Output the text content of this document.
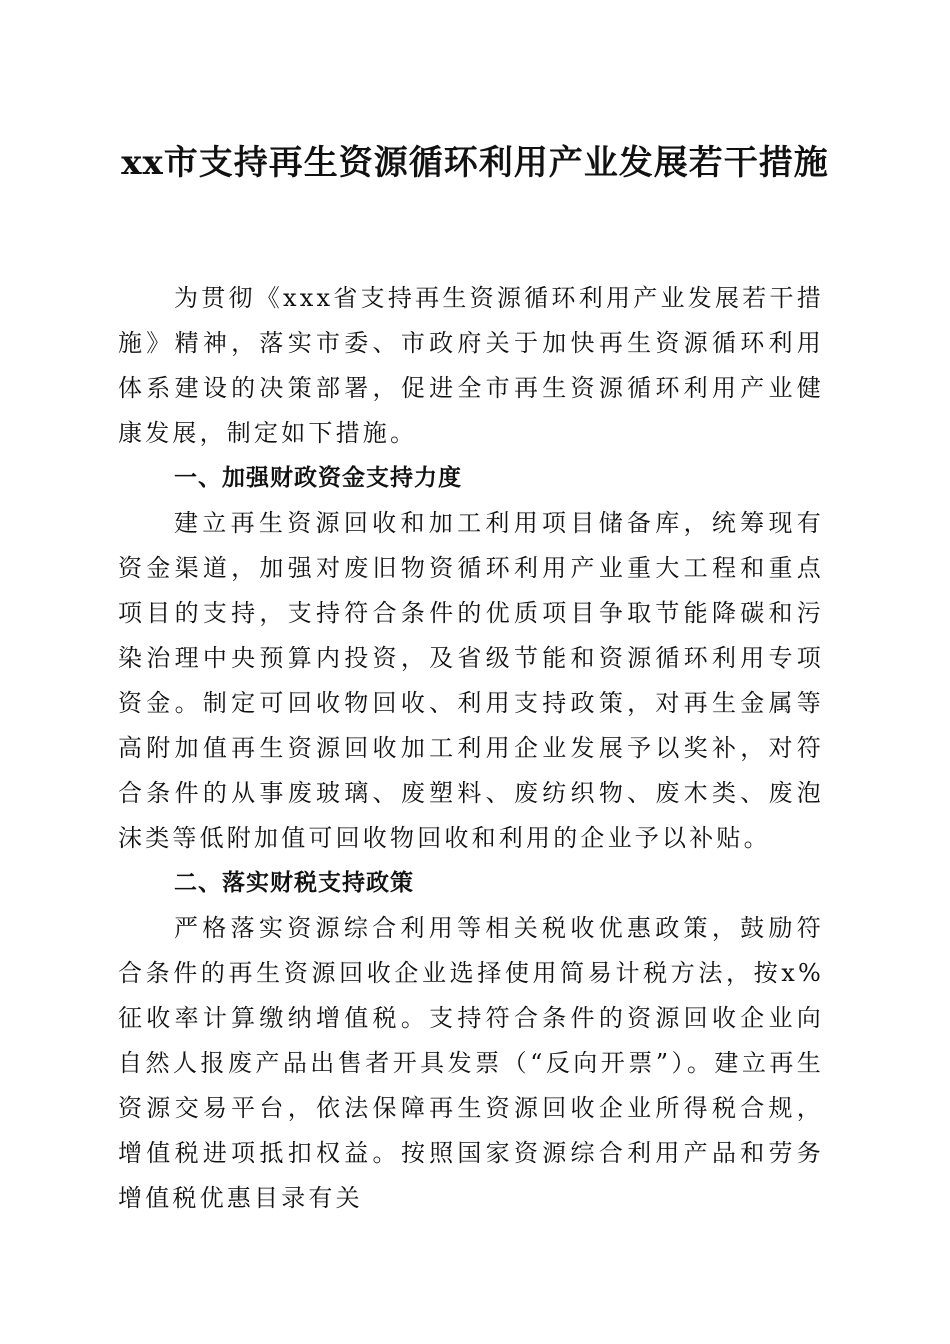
xx市支持再生资源循环利用产业发展若干措施

为贯彻《xxx省支持再生资源循环利用产业发展若干措施》精神，落实市委、市政府关于加快再生资源循环利用体系建设的决策部署，促进全市再生资源循环利用产业健康发展，制定如下措施。

一、加强财政资金支持力度

建立再生资源回收和加工利用项目储备库，统筹现有资金渠道，加强对废旧物资循环利用产业重大工程和重点项目的支持，支持符合条件的优质项目争取节能降碳和污染治理中央预算内投资，及省级节能和资源循环利用专项资金。制定可回收物回收、利用支持政策，对再生金属等高附加值再生资源回收加工利用企业发展予以奖补，对符合条件的从事废玻璃、废塑料、废纺织物、废木类、废泡沫类等低附加值可回收物回收和利用的企业予以补贴。

二、落实财税支持政策

严格落实资源综合利用等相关税收优惠政策，鼓励符合条件的再生资源回收企业选择使用简易计税方法，按x%征收率计算缴纳增值税。支持符合条件的资源回收企业向自然人报废产品出售者开具发票（“反向开票”）。建立再生资源交易平台，依法保障再生资源回收企业所得税合规，增值税进项抵扣权益。按照国家资源综合利用产品和劳务增值税优惠目录有关
